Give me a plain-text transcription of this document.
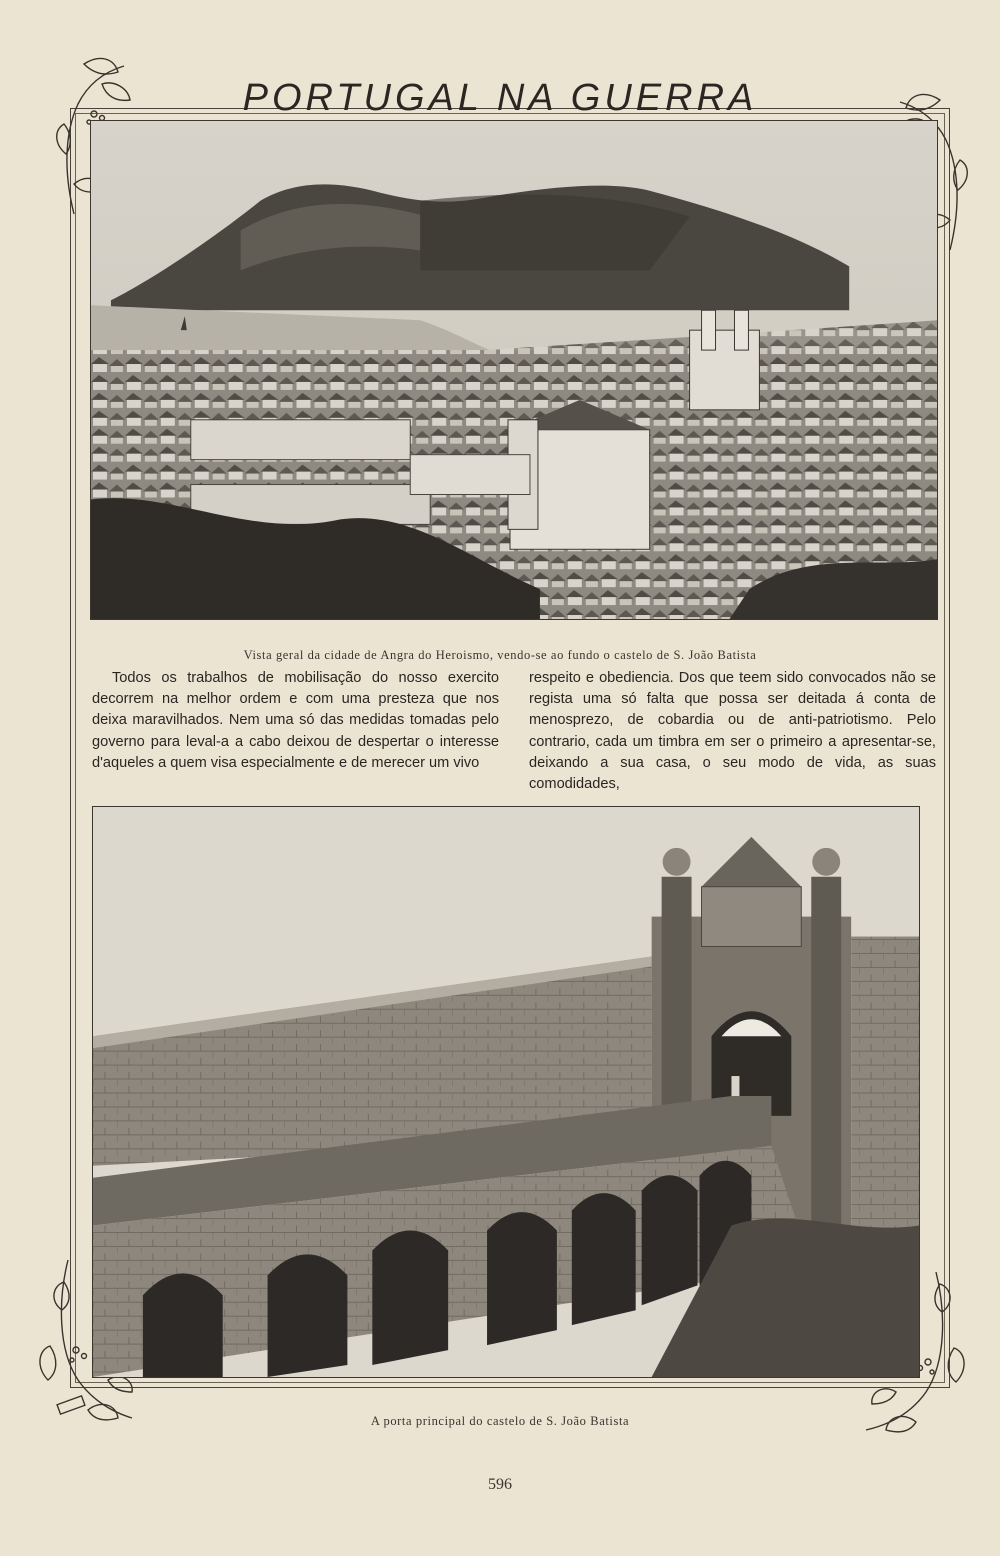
PORTUGAL NA GUERRA
Vista geral da cidade de Angra do Heroismo, vendo-se ao fundo o castelo de S. João Batista

Todos os trabalhos de mobilisação do nosso exercito decorrem na melhor ordem e com uma presteza que nos deixa maravilhados. Nem uma só das medidas tomadas pelo governo para leval-a a cabo deixou de despertar o interesse d'aqueles a quem visa especialmente e de merecer um vivo

respeito e obediencia. Dos que teem sido convocados não se regista uma só falta que possa ser deitada á conta de menosprezo, de cobardia ou de anti-patriotismo. Pelo contrario, cada um timbra em ser o primeiro a apresentar-se, deixando a sua casa, o seu modo de vida, as suas comodidades,

A porta principal do castelo de S. João Batista
596
